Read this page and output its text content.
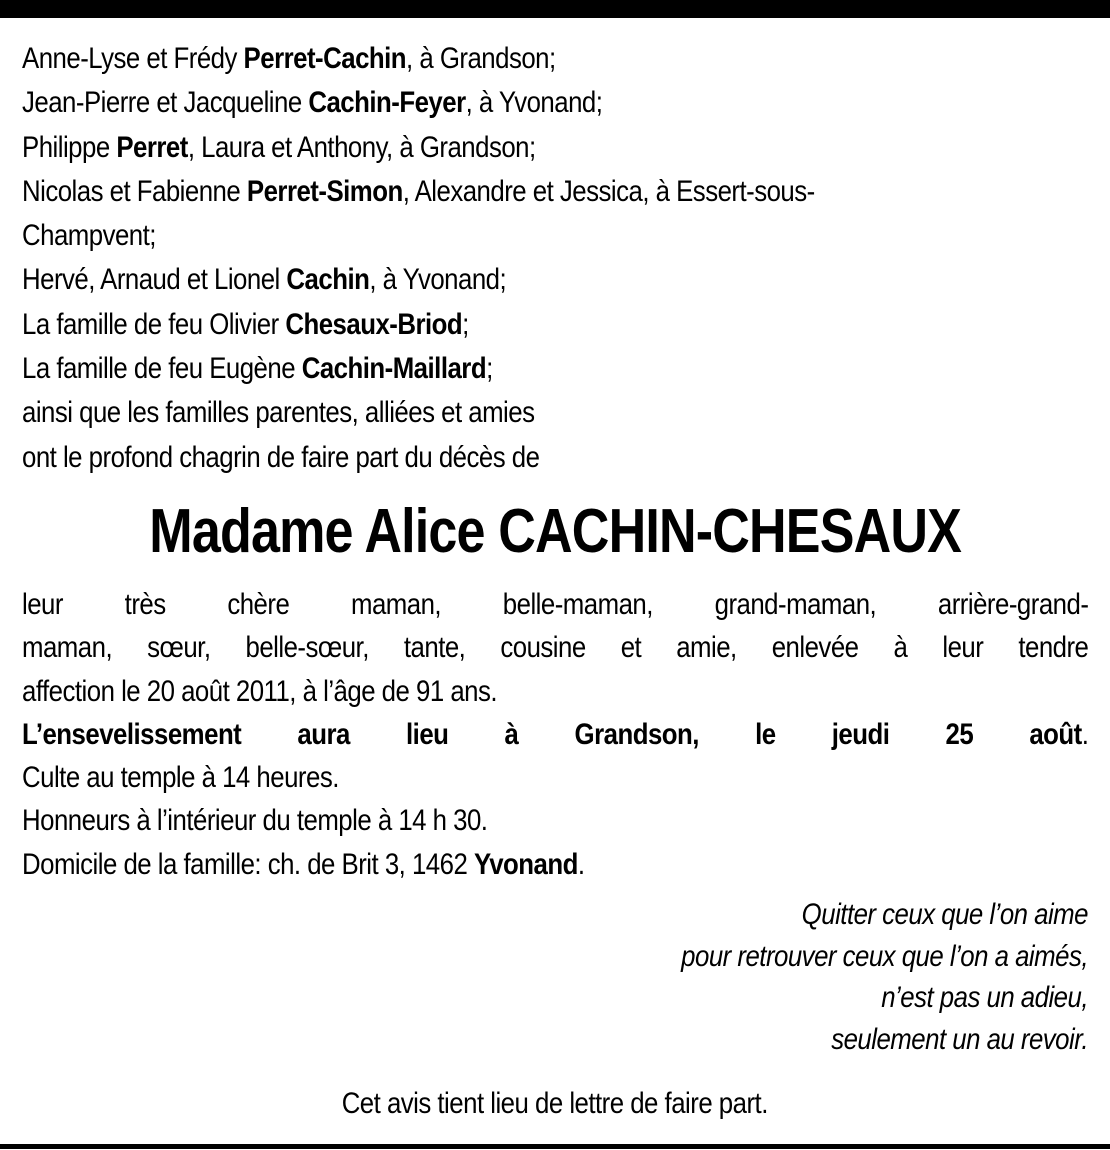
Anne-Lyse et Frédy Perret-Cachin, à Grandson;
Jean-Pierre et Jacqueline Cachin-Feyer, à Yvonand;
Philippe Perret, Laura et Anthony, à Grandson;
Nicolas et Fabienne Perret-Simon, Alexandre et Jessica, à Essert-sous-
Champvent;
Hervé, Arnaud et Lionel Cachin, à Yvonand;
La famille de feu Olivier Chesaux-Briod;
La famille de feu Eugène Cachin-Maillard;
ainsi que les familles parentes, alliées et amies
ont le profond chagrin de faire part du décès de
Madame Alice CACHIN-CHESAUX
leur très chère maman, belle-maman, grand-maman, arrière-grand-
maman, sœur, belle-sœur, tante, cousine et amie, enlevée à leur tendre
affection le 20 août 2011, à l’âge de 91 ans.
L’ensevelissement aura lieu à Grandson, le jeudi 25 août.
Culte au temple à 14 heures.
Honneurs à l’intérieur du temple à 14 h 30.
Domicile de la famille: ch. de Brit 3, 1462 Yvonand.
Quitter ceux que l’on aime
pour retrouver ceux que l’on a aimés,
n’est pas un adieu,
seulement un au revoir.
Cet avis tient lieu de lettre de faire part.
